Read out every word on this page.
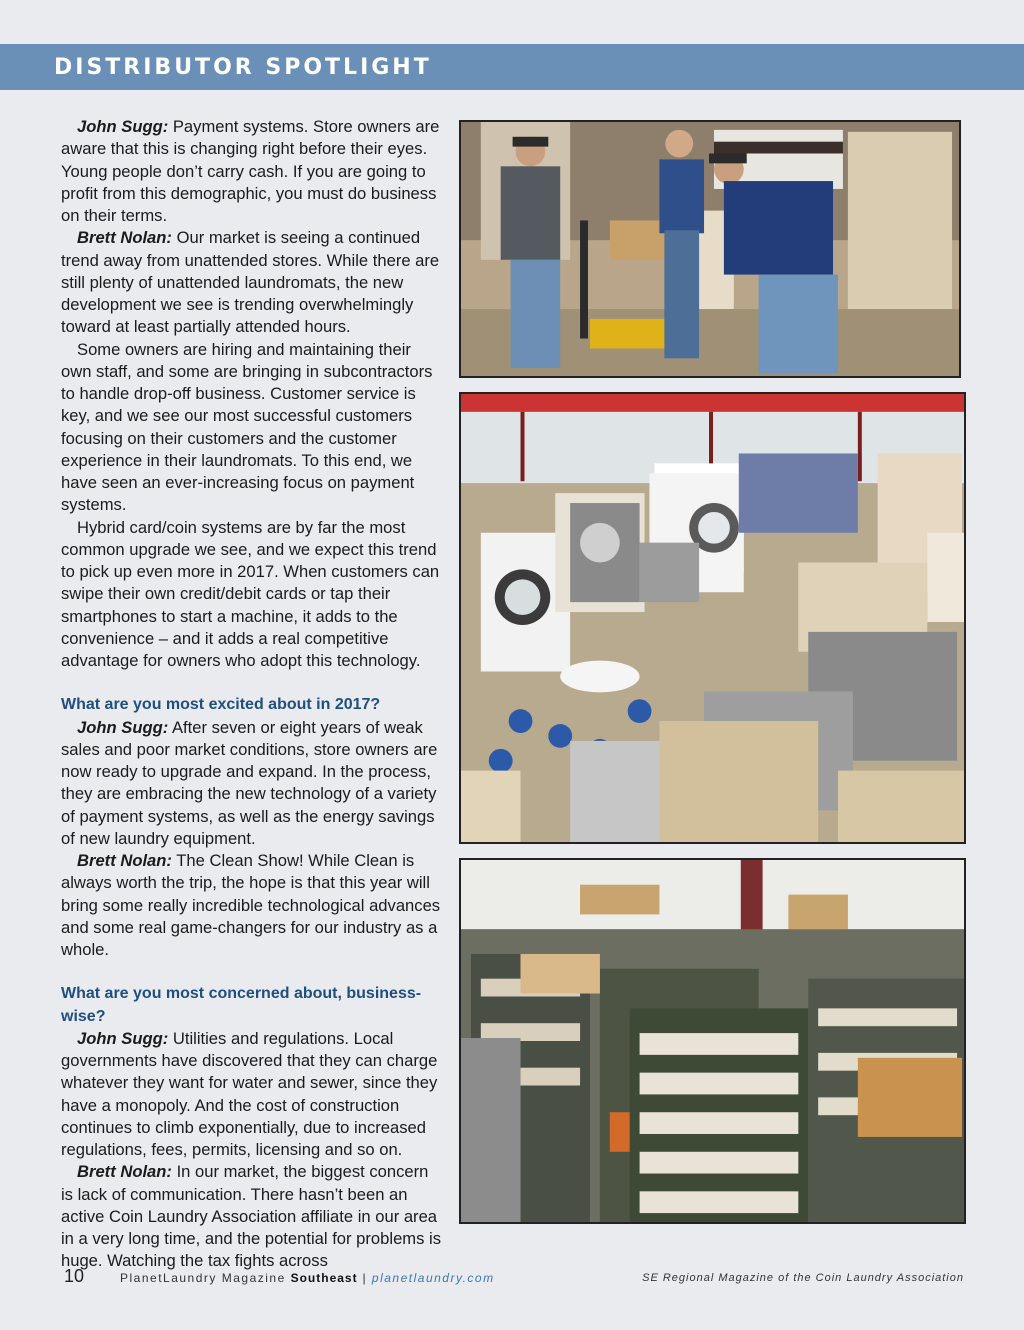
DISTRIBUTOR SPOTLIGHT

John Sugg: Payment systems. Store owners are aware that this is changing right before their eyes. Young people don’t carry cash. If you are going to profit from this demographic, you must do business on their terms.

Brett Nolan: Our market is seeing a continued trend away from unattended stores. While there are still plenty of unattended laundromats, the new development we see is trending overwhelmingly toward at least partially attended hours.

Some owners are hiring and maintaining their own staff, and some are bringing in subcontractors to handle drop-off business. Customer service is key, and we see our most successful customers focusing on their customers and the customer experience in their laundromats. To this end, we have seen an ever-increasing focus on payment systems.

Hybrid card/coin systems are by far the most common upgrade we see, and we expect this trend to pick up even more in 2017. When customers can swipe their own credit/debit cards or tap their smartphones to start a machine, it adds to the convenience – and it adds a real competitive advantage for owners who adopt this technology.

What are you most excited about in 2017?

John Sugg: After seven or eight years of weak sales and poor market conditions, store owners are now ready to upgrade and expand. In the process, they are embracing the new technology of a variety of payment systems, as well as the energy savings of new laundry equipment.

Brett Nolan: The Clean Show! While Clean is always worth the trip, the hope is that this year will bring some really incredible technological advances and some real game-changers for our industry as a whole.

What are you most concerned about, business-wise?

John Sugg: Utilities and regulations. Local governments have discovered that they can charge whatever they want for water and sewer, since they have a monopoly. And the cost of construction continues to climb exponentially, due to increased regulations, fees, permits, licensing and so on.

Brett Nolan: In our market, the biggest concern is lack of communication. There hasn’t been an active Coin Laundry Association affiliate in our area in a very long time, and the potential for problems is huge. Watching the tax fights across

10	PlanetLaundry Magazine Southeast | planetlaundry.com	SE Regional Magazine of the Coin Laundry Association
